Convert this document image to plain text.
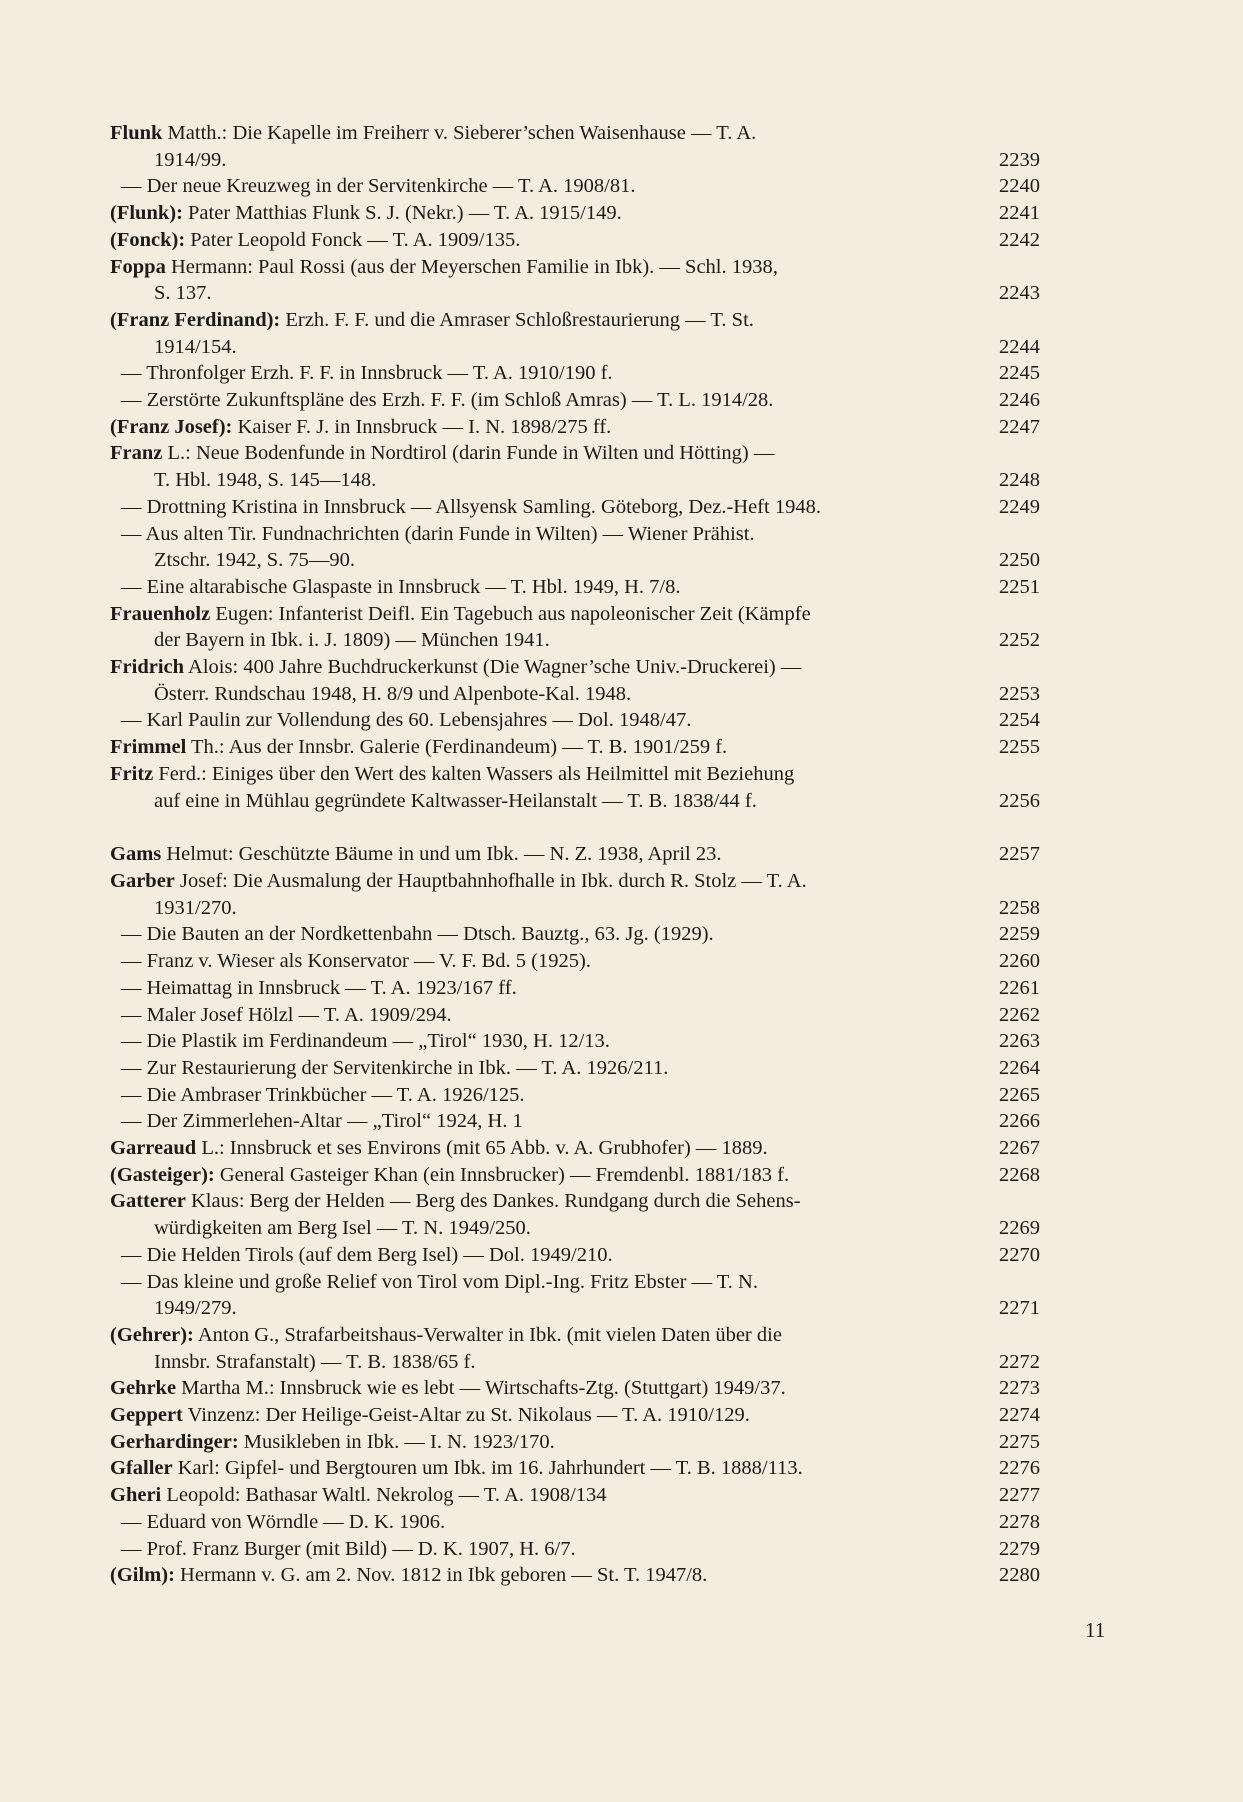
Flunk Matth.: Die Kapelle im Freiherr v. Sieberer’schen Waisenhause — T. A.
1914/99.	2239
— Der neue Kreuzweg in der Servitenkirche — T. A. 1908/81.	2240
(Flunk): Pater Matthias Flunk S. J. (Nekr.) — T. A. 1915/149.	2241
(Fonck): Pater Leopold Fonck — T. A. 1909/135.	2242
Foppa Hermann: Paul Rossi (aus der Meyerschen Familie in Ibk). — Schl. 1938,
S. 137.	2243
(Franz Ferdinand): Erzh. F. F. und die Amraser Schloßrestaurierung — T. St.
1914/154.	2244
— Thronfolger Erzh. F. F. in Innsbruck — T. A. 1910/190 f.	2245
— Zerstörte Zukunftspläne des Erzh. F. F. (im Schloß Amras) — T. L. 1914/28.	2246
(Franz Josef): Kaiser F. J. in Innsbruck — I. N. 1898/275 ff.	2247
Franz L.: Neue Bodenfunde in Nordtirol (darin Funde in Wilten und Hötting) —
T. Hbl. 1948, S. 145—148.	2248
— Drottning Kristina in Innsbruck — Allsyensk Samling. Göteborg, Dez.-Heft 1948.	2249
— Aus alten Tir. Fundnachrichten (darin Funde in Wilten) — Wiener Prähist.
Ztschr. 1942, S. 75—90.	2250
— Eine altarabische Glaspaste in Innsbruck — T. Hbl. 1949, H. 7/8.	2251
Frauenholz Eugen: Infanterist Deifl. Ein Tagebuch aus napoleonischer Zeit (Kämpfe
der Bayern in Ibk. i. J. 1809) — München 1941.	2252
Fridrich Alois: 400 Jahre Buchdruckerkunst (Die Wagner’sche Univ.-Druckerei) —
Österr. Rundschau 1948, H. 8/9 und Alpenbote-Kal. 1948.	2253
— Karl Paulin zur Vollendung des 60. Lebensjahres — Dol. 1948/47.	2254
Frimmel Th.: Aus der Innsbr. Galerie (Ferdinandeum) — T. B. 1901/259 f.	2255
Fritz Ferd.: Einiges über den Wert des kalten Wassers als Heilmittel mit Beziehung
auf eine in Mühlau gegründete Kaltwasser-Heilanstalt — T. B. 1838/44 f.	2256
Gams Helmut: Geschützte Bäume in und um Ibk. — N. Z. 1938, April 23.	2257
Garber Josef: Die Ausmalung der Hauptbahnhofhalle in Ibk. durch R. Stolz — T. A.
1931/270.	2258
— Die Bauten an der Nordkettenbahn — Dtsch. Bauztg., 63. Jg. (1929).	2259
— Franz v. Wieser als Konservator — V. F. Bd. 5 (1925).	2260
— Heimattag in Innsbruck — T. A. 1923/167 ff.	2261
— Maler Josef Hölzl — T. A. 1909/294.	2262
— Die Plastik im Ferdinandeum — „Tirol“ 1930, H. 12/13.	2263
— Zur Restaurierung der Servitenkirche in Ibk. — T. A. 1926/211.	2264
— Die Ambraser Trinkbücher — T. A. 1926/125.	2265
— Der Zimmerlehen-Altar — „Tirol“ 1924, H. 1	2266
Garreaud L.: Innsbruck et ses Environs (mit 65 Abb. v. A. Grubhofer) — 1889.	2267
(Gasteiger): General Gasteiger Khan (ein Innsbrucker) — Fremdenbl. 1881/183 f.	2268
Gatterer Klaus: Berg der Helden — Berg des Dankes. Rundgang durch die Sehens-
würdigkeiten am Berg Isel — T. N. 1949/250.	2269
— Die Helden Tirols (auf dem Berg Isel) — Dol. 1949/210.	2270
— Das kleine und große Relief von Tirol vom Dipl.-Ing. Fritz Ebster — T. N.
1949/279.	2271
(Gehrer): Anton G., Strafarbeitshaus-Verwalter in Ibk. (mit vielen Daten über die
Innsbr. Strafanstalt) — T. B. 1838/65 f.	2272
Gehrke Martha M.: Innsbruck wie es lebt — Wirtschafts-Ztg. (Stuttgart) 1949/37.	2273
Geppert Vinzenz: Der Heilige-Geist-Altar zu St. Nikolaus — T. A. 1910/129.	2274
Gerhardinger: Musikleben in Ibk. — I. N. 1923/170.	2275
Gfaller Karl: Gipfel- und Bergtouren um Ibk. im 16. Jahrhundert — T. B. 1888/113.	2276
Gheri Leopold: Bathasar Waltl. Nekrolog — T. A. 1908/134	2277
— Eduard von Wörndle — D. K. 1906.	2278
— Prof. Franz Burger (mit Bild) — D. K. 1907, H. 6/7.	2279
(Gilm): Hermann v. G. am 2. Nov. 1812 in Ibk geboren — St. T. 1947/8.	2280
11
